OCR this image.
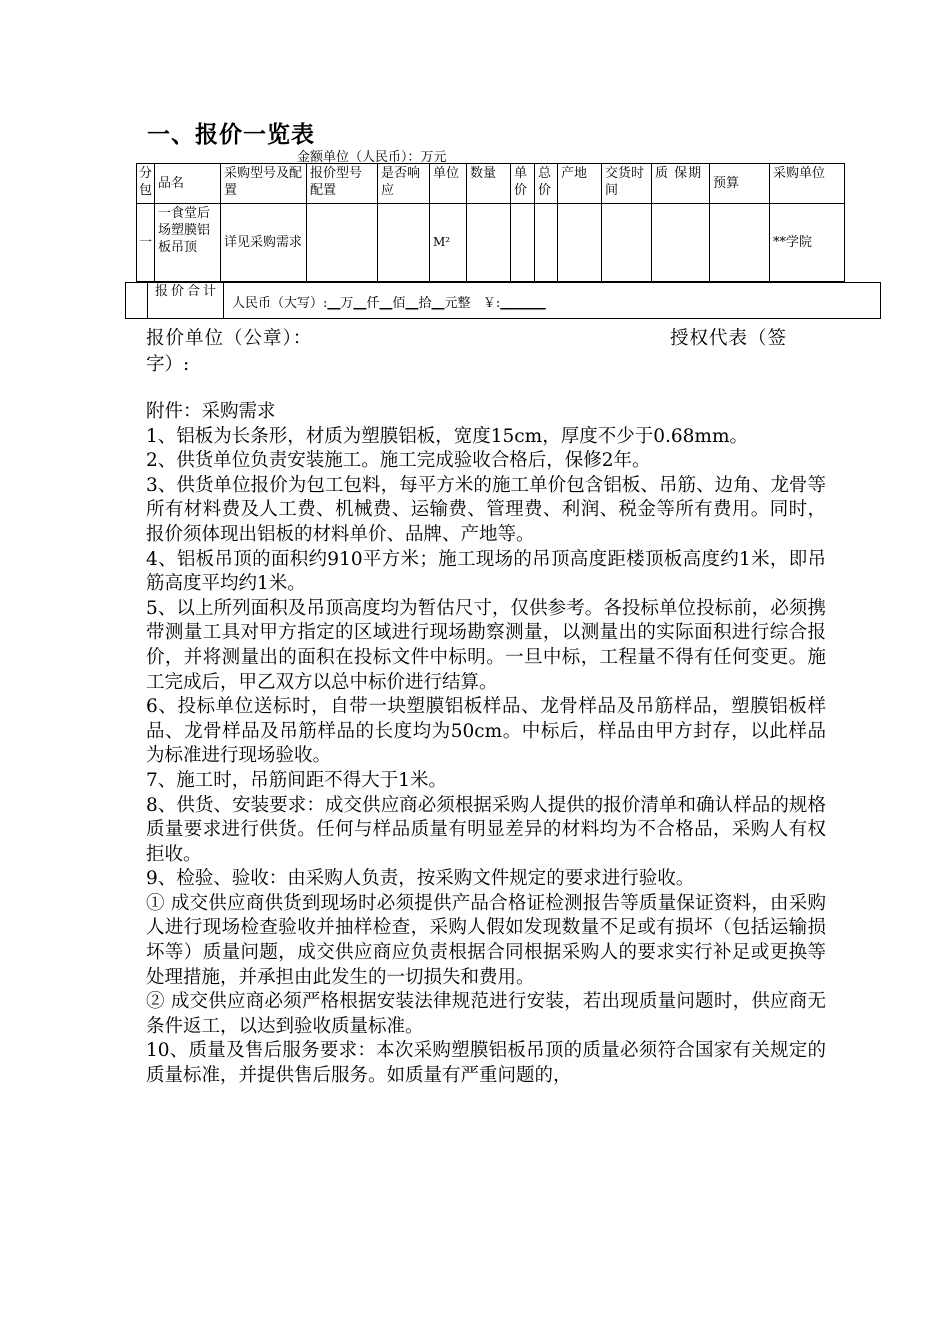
一、报价一览表
金额单位（人民币）：万元
分包	品名	采购型号及配置	报价型号配置	是否响应	单位	数量	单价	总价	产地	交货时间	质 保期	预算	采购单位
一	一食堂后场塑膜铝板吊顶	详见采购需求			M²								**学院
报价合计
人民币（大写）:__万__仟__佰__拾__元整 ￥:_______
报价单位（公章）：	授权代表（签
字）:

附件：采购需求

1、铝板为长条形，材质为塑膜铝板，宽度15cm，厚度不少于0.68mm。

2、供货单位负责安装施工。施工完成验收合格后，保修2年。

3、供货单位报价为包工包料，每平方米的施工单价包含铝板、吊筋、边角、龙骨等所有材料费及人工费、机械费、运输费、管理费、利润、税金等所有费用。同时，报价须体现出铝板的材料单价、品牌、产地等。

4、铝板吊顶的面积约910平方米；施工现场的吊顶高度距楼顶板高度约1米，即吊筋高度平均约1米。

5、以上所列面积及吊顶高度均为暂估尺寸，仅供参考。各投标单位投标前，必须携带测量工具对甲方指定的区域进行现场勘察测量，以测量出的实际面积进行综合报价，并将测量出的面积在投标文件中标明。一旦中标，工程量不得有任何变更。施工完成后，甲乙双方以总中标价进行结算。

6、投标单位送标时，自带一块塑膜铝板样品、龙骨样品及吊筋样品，塑膜铝板样品、龙骨样品及吊筋样品的长度均为50cm。中标后，样品由甲方封存，以此样品为标准进行现场验收。

7、施工时，吊筋间距不得大于1米。

8、供货、安装要求：成交供应商必须根据采购人提供的报价清单和确认样品的规格质量要求进行供货。任何与样品质量有明显差异的材料均为不合格品，采购人有权拒收。

9、检验、验收：由采购人负责，按采购文件规定的要求进行验收。

① 成交供应商供货到现场时必须提供产品合格证检测报告等质量保证资料，由采购人进行现场检查验收并抽样检查，采购人假如发现数量不足或有损坏（包括运输损坏等）质量问题，成交供应商应负责根据合同根据采购人的要求实行补足或更换等处理措施，并承担由此发生的一切损失和费用。

② 成交供应商必须严格根据安装法律规范进行安装，若出现质量问题时，供应商无条件返工，以达到验收质量标准。

10、质量及售后服务要求：本次采购塑膜铝板吊顶的质量必须符合国家有关规定的质量标准，并提供售后服务。如质量有严重问题的，
